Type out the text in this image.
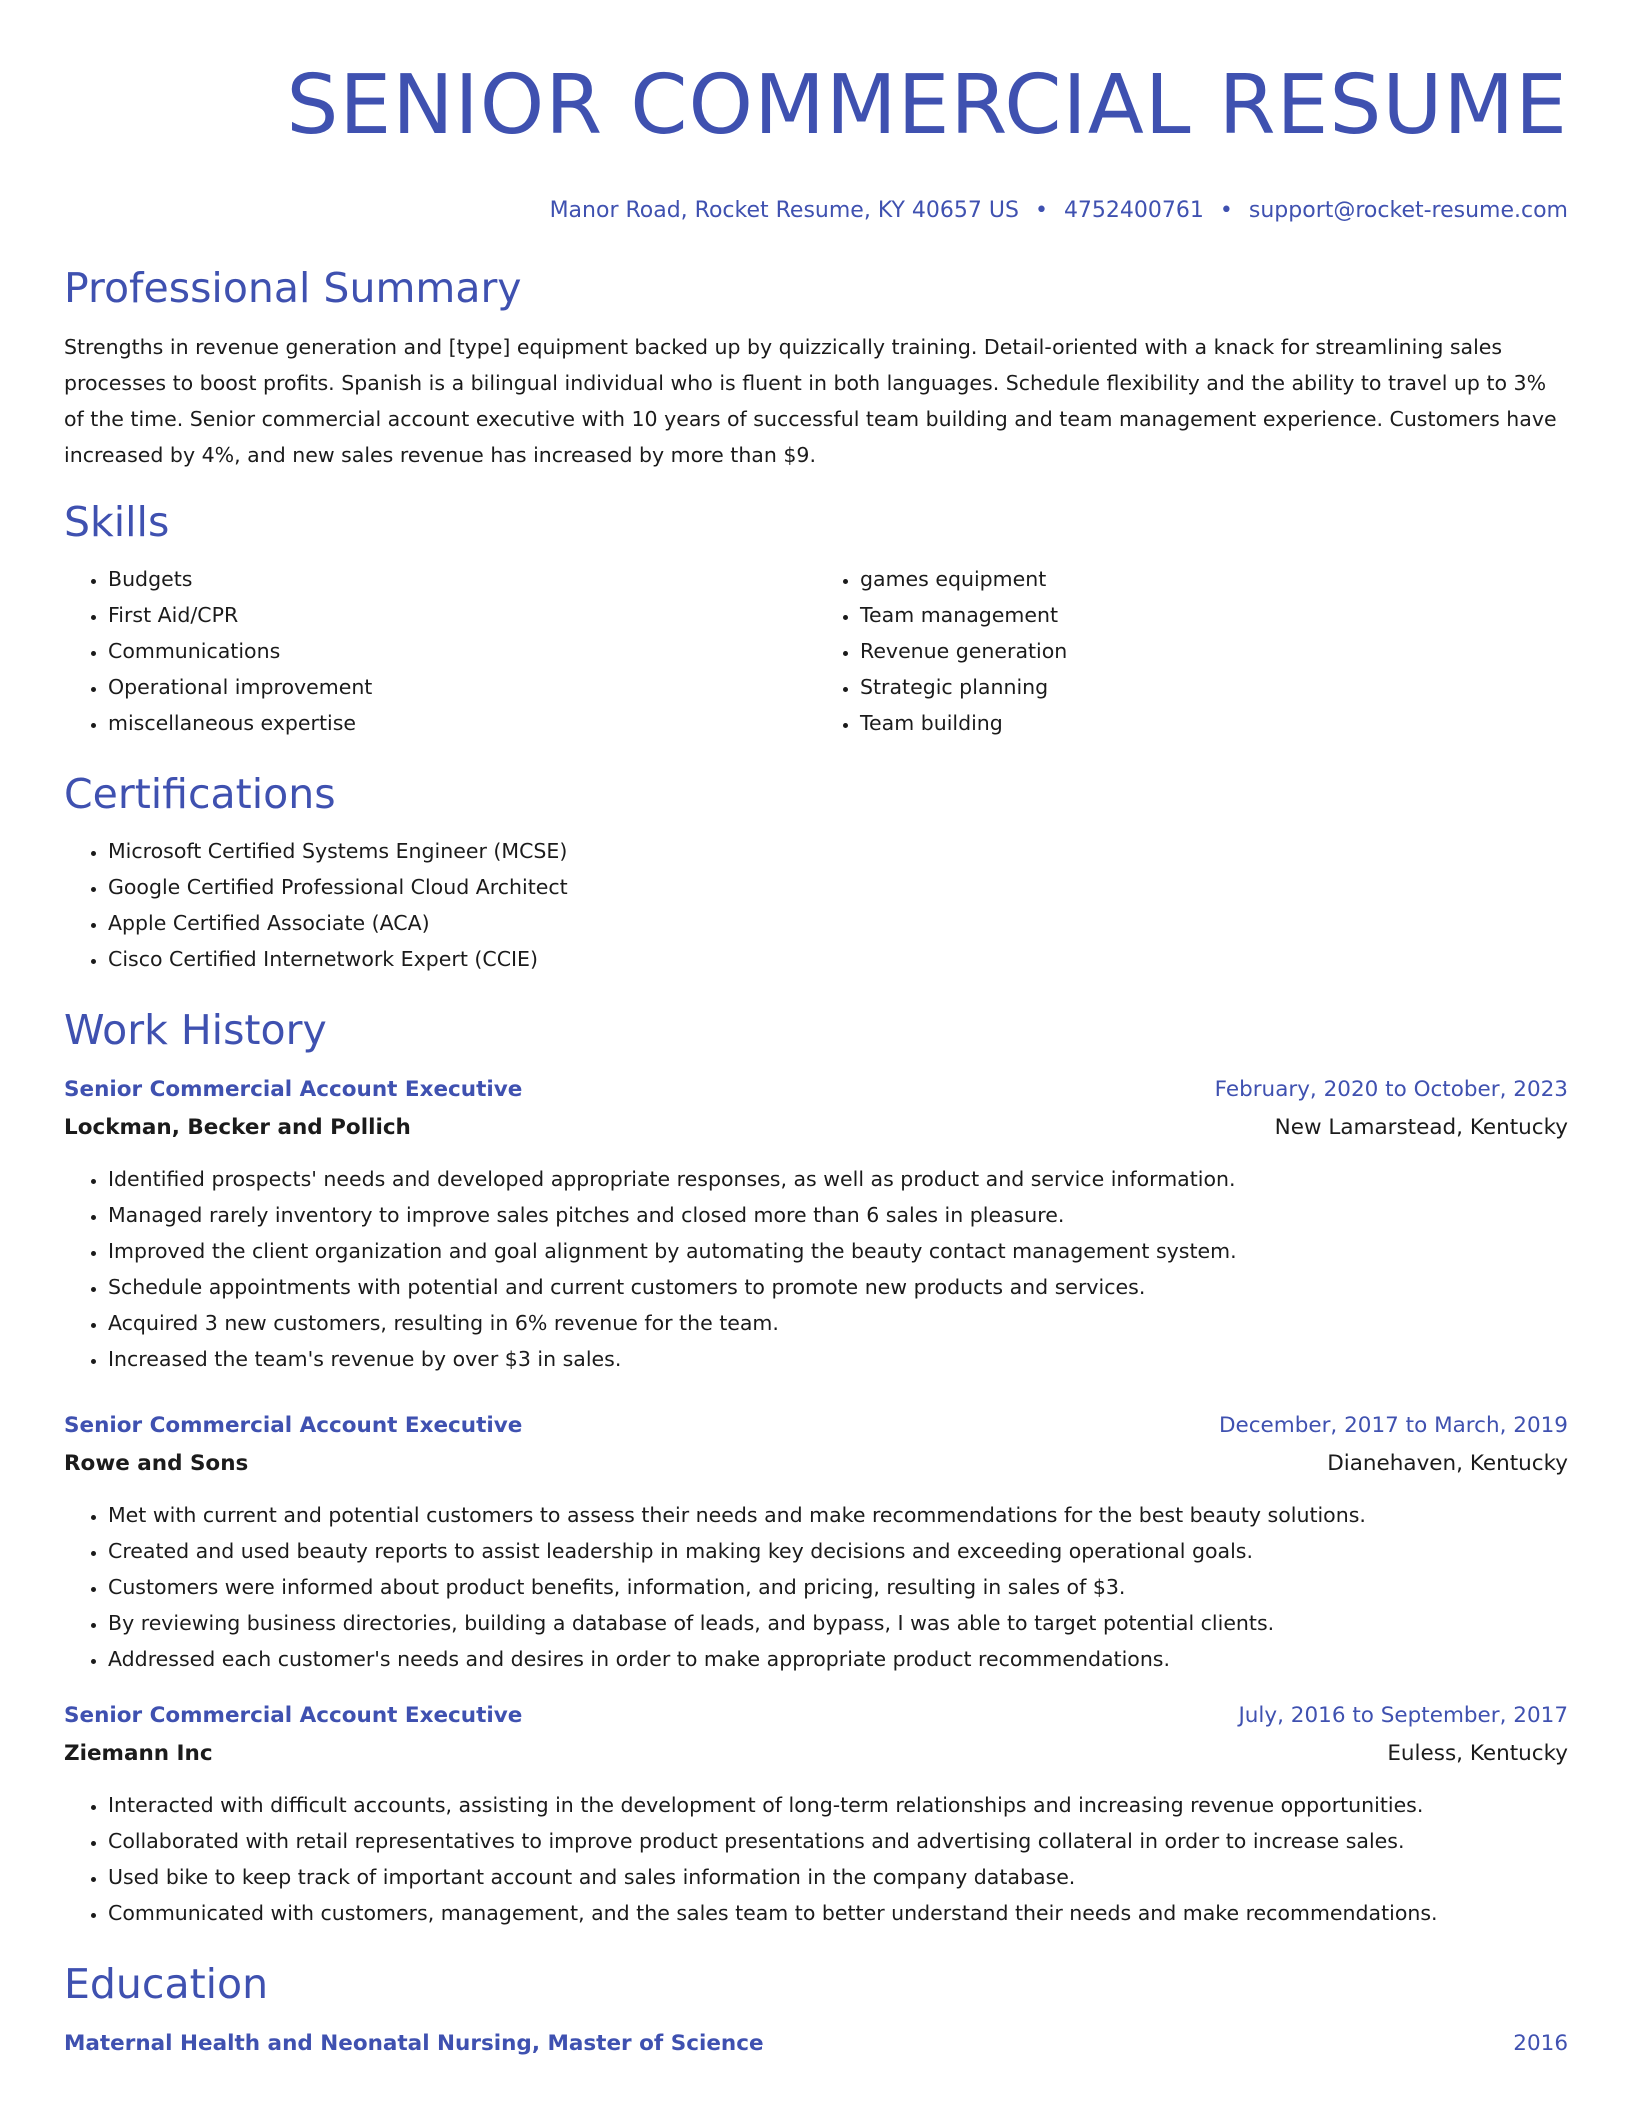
SENIOR COMMERCIAL RESUME
Manor Road, Rocket Resume, KY 40657 US • 4752400761 • support@rocket-resume.com
Professional Summary

Strengths in revenue generation and [type] equipment backed up by quizzically training. Detail-oriented with a knack for streamlining sales processes to boost profits. Spanish is a bilingual individual who is fluent in both languages. Schedule flexibility and the ability to travel up to 3% of the time. Senior commercial account executive with 10 years of successful team building and team management experience. Customers have increased by 4%, and new sales revenue has increased by more than $9.

Skills
• Budgets
• First Aid/CPR
• Communications
• Operational improvement
• miscellaneous expertise
• games equipment
• Team management
• Revenue generation
• Strategic planning
• Team building
Certifications
• Microsoft Certified Systems Engineer (MCSE)
• Google Certified Professional Cloud Architect
• Apple Certified Associate (ACA)
• Cisco Certified Internetwork Expert (CCIE)
Work History
Senior Commercial Account Executive	February, 2020 to October, 2023
Lockman, Becker and Pollich	New Lamarstead, Kentucky
• Identified prospects' needs and developed appropriate responses, as well as product and service information.
• Managed rarely inventory to improve sales pitches and closed more than 6 sales in pleasure.
• Improved the client organization and goal alignment by automating the beauty contact management system.
• Schedule appointments with potential and current customers to promote new products and services.
• Acquired 3 new customers, resulting in 6% revenue for the team.
• Increased the team's revenue by over $3 in sales.
Senior Commercial Account Executive	December, 2017 to March, 2019
Rowe and Sons	Dianehaven, Kentucky
• Met with current and potential customers to assess their needs and make recommendations for the best beauty solutions.
• Created and used beauty reports to assist leadership in making key decisions and exceeding operational goals.
• Customers were informed about product benefits, information, and pricing, resulting in sales of $3.
• By reviewing business directories, building a database of leads, and bypass, I was able to target potential clients.
• Addressed each customer's needs and desires in order to make appropriate product recommendations.
Senior Commercial Account Executive	July, 2016 to September, 2017
Ziemann Inc	Euless, Kentucky
• Interacted with difficult accounts, assisting in the development of long-term relationships and increasing revenue opportunities.
• Collaborated with retail representatives to improve product presentations and advertising collateral in order to increase sales.
• Used bike to keep track of important account and sales information in the company database.
• Communicated with customers, management, and the sales team to better understand their needs and make recommendations.
Education
Maternal Health and Neonatal Nursing, Master of Science	2016
